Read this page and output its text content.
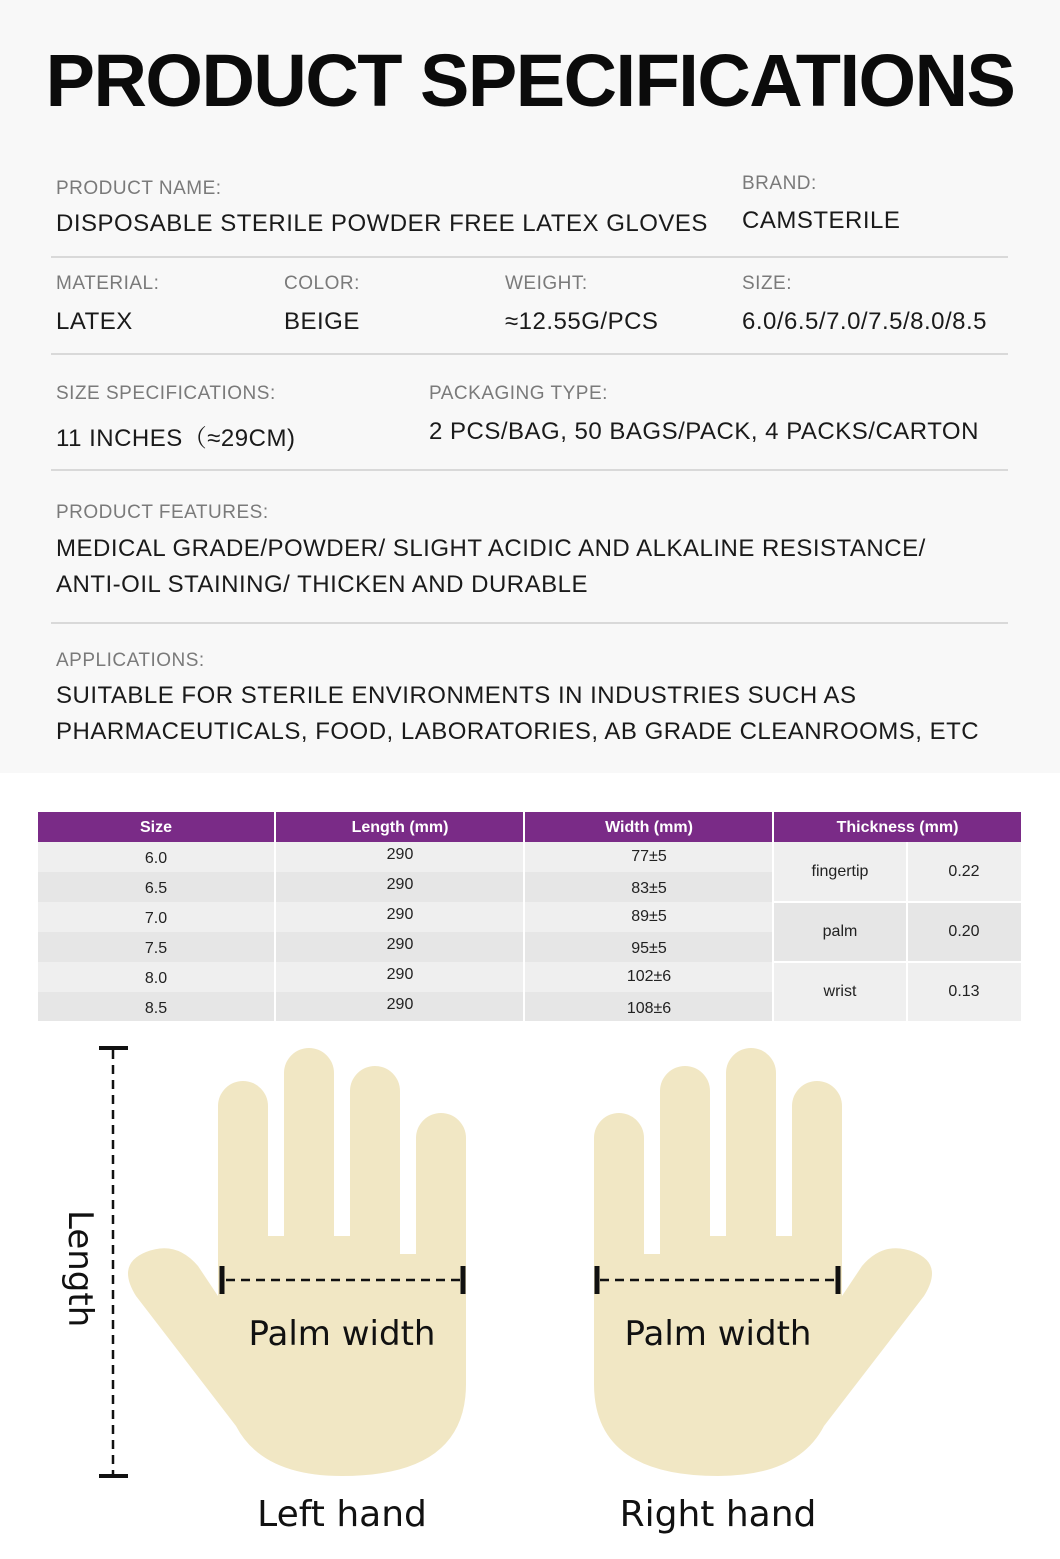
PRODUCT SPECIFICATIONS
PRODUCT NAME:
DISPOSABLE STERILE POWDER FREE LATEX GLOVES
BRAND:
CAMSTERILE
MATERIAL:
LATEX
COLOR:
BEIGE
WEIGHT:
≈12.55G/PCS
SIZE:
6.0/6.5/7.0/7.5/8.0/8.5
SIZE SPECIFICATIONS:
11 INCHES（≈29CM)
PACKAGING TYPE:
2 PCS/BAG, 50 BAGS/PACK, 4 PACKS/CARTON
PRODUCT FEATURES:
MEDICAL GRADE/POWDER/ SLIGHT ACIDIC AND ALKALINE RESISTANCE/
ANTI-OIL STAINING/ THICKEN AND DURABLE
APPLICATIONS:
SUITABLE FOR STERILE ENVIRONMENTS IN INDUSTRIES SUCH AS
PHARMACEUTICALS, FOOD, LABORATORIES, AB GRADE CLEANROOMS, ETC
Size	Length (mm)	Width (mm)	Thickness (mm)
6.0	290	77±5
6.5	290	83±5
7.0	290	89±5
7.5	290	95±5
8.0	290	102±6
8.5	290	108±6
fingertip	0.22
palm	0.20
wrist	0.13
Length
Palm width	Palm width
Left hand	Right hand
